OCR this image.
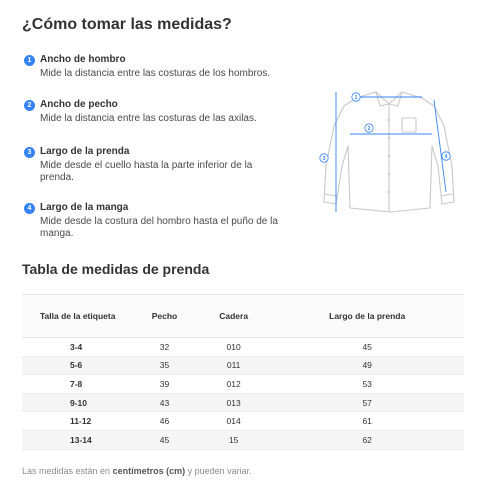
¿Cómo tomar las medidas?
1 Ancho de hombro
Mide la distancia entre las costuras de los hombros.
2 Ancho de pecho
Mide la distancia entre las costuras de las axilas.
3 Largo de la prenda
Mide desde el cuello hasta la parte inferior de la prenda.
4 Largo de la manga
Mide desde la costura del hombro hasta el puño de la manga.
1
2
3	4
Tabla de medidas de prenda
Talla de la etiqueta	Pecho	Cadera	Largo de la prenda
3-4	32	010	45
5-6	35	011	49
7-8	39	012	53
9-10	43	013	57
11-12	46	014	61
13-14	45	15	62

Las medidas están en centímetros (cm) y pueden variar.
